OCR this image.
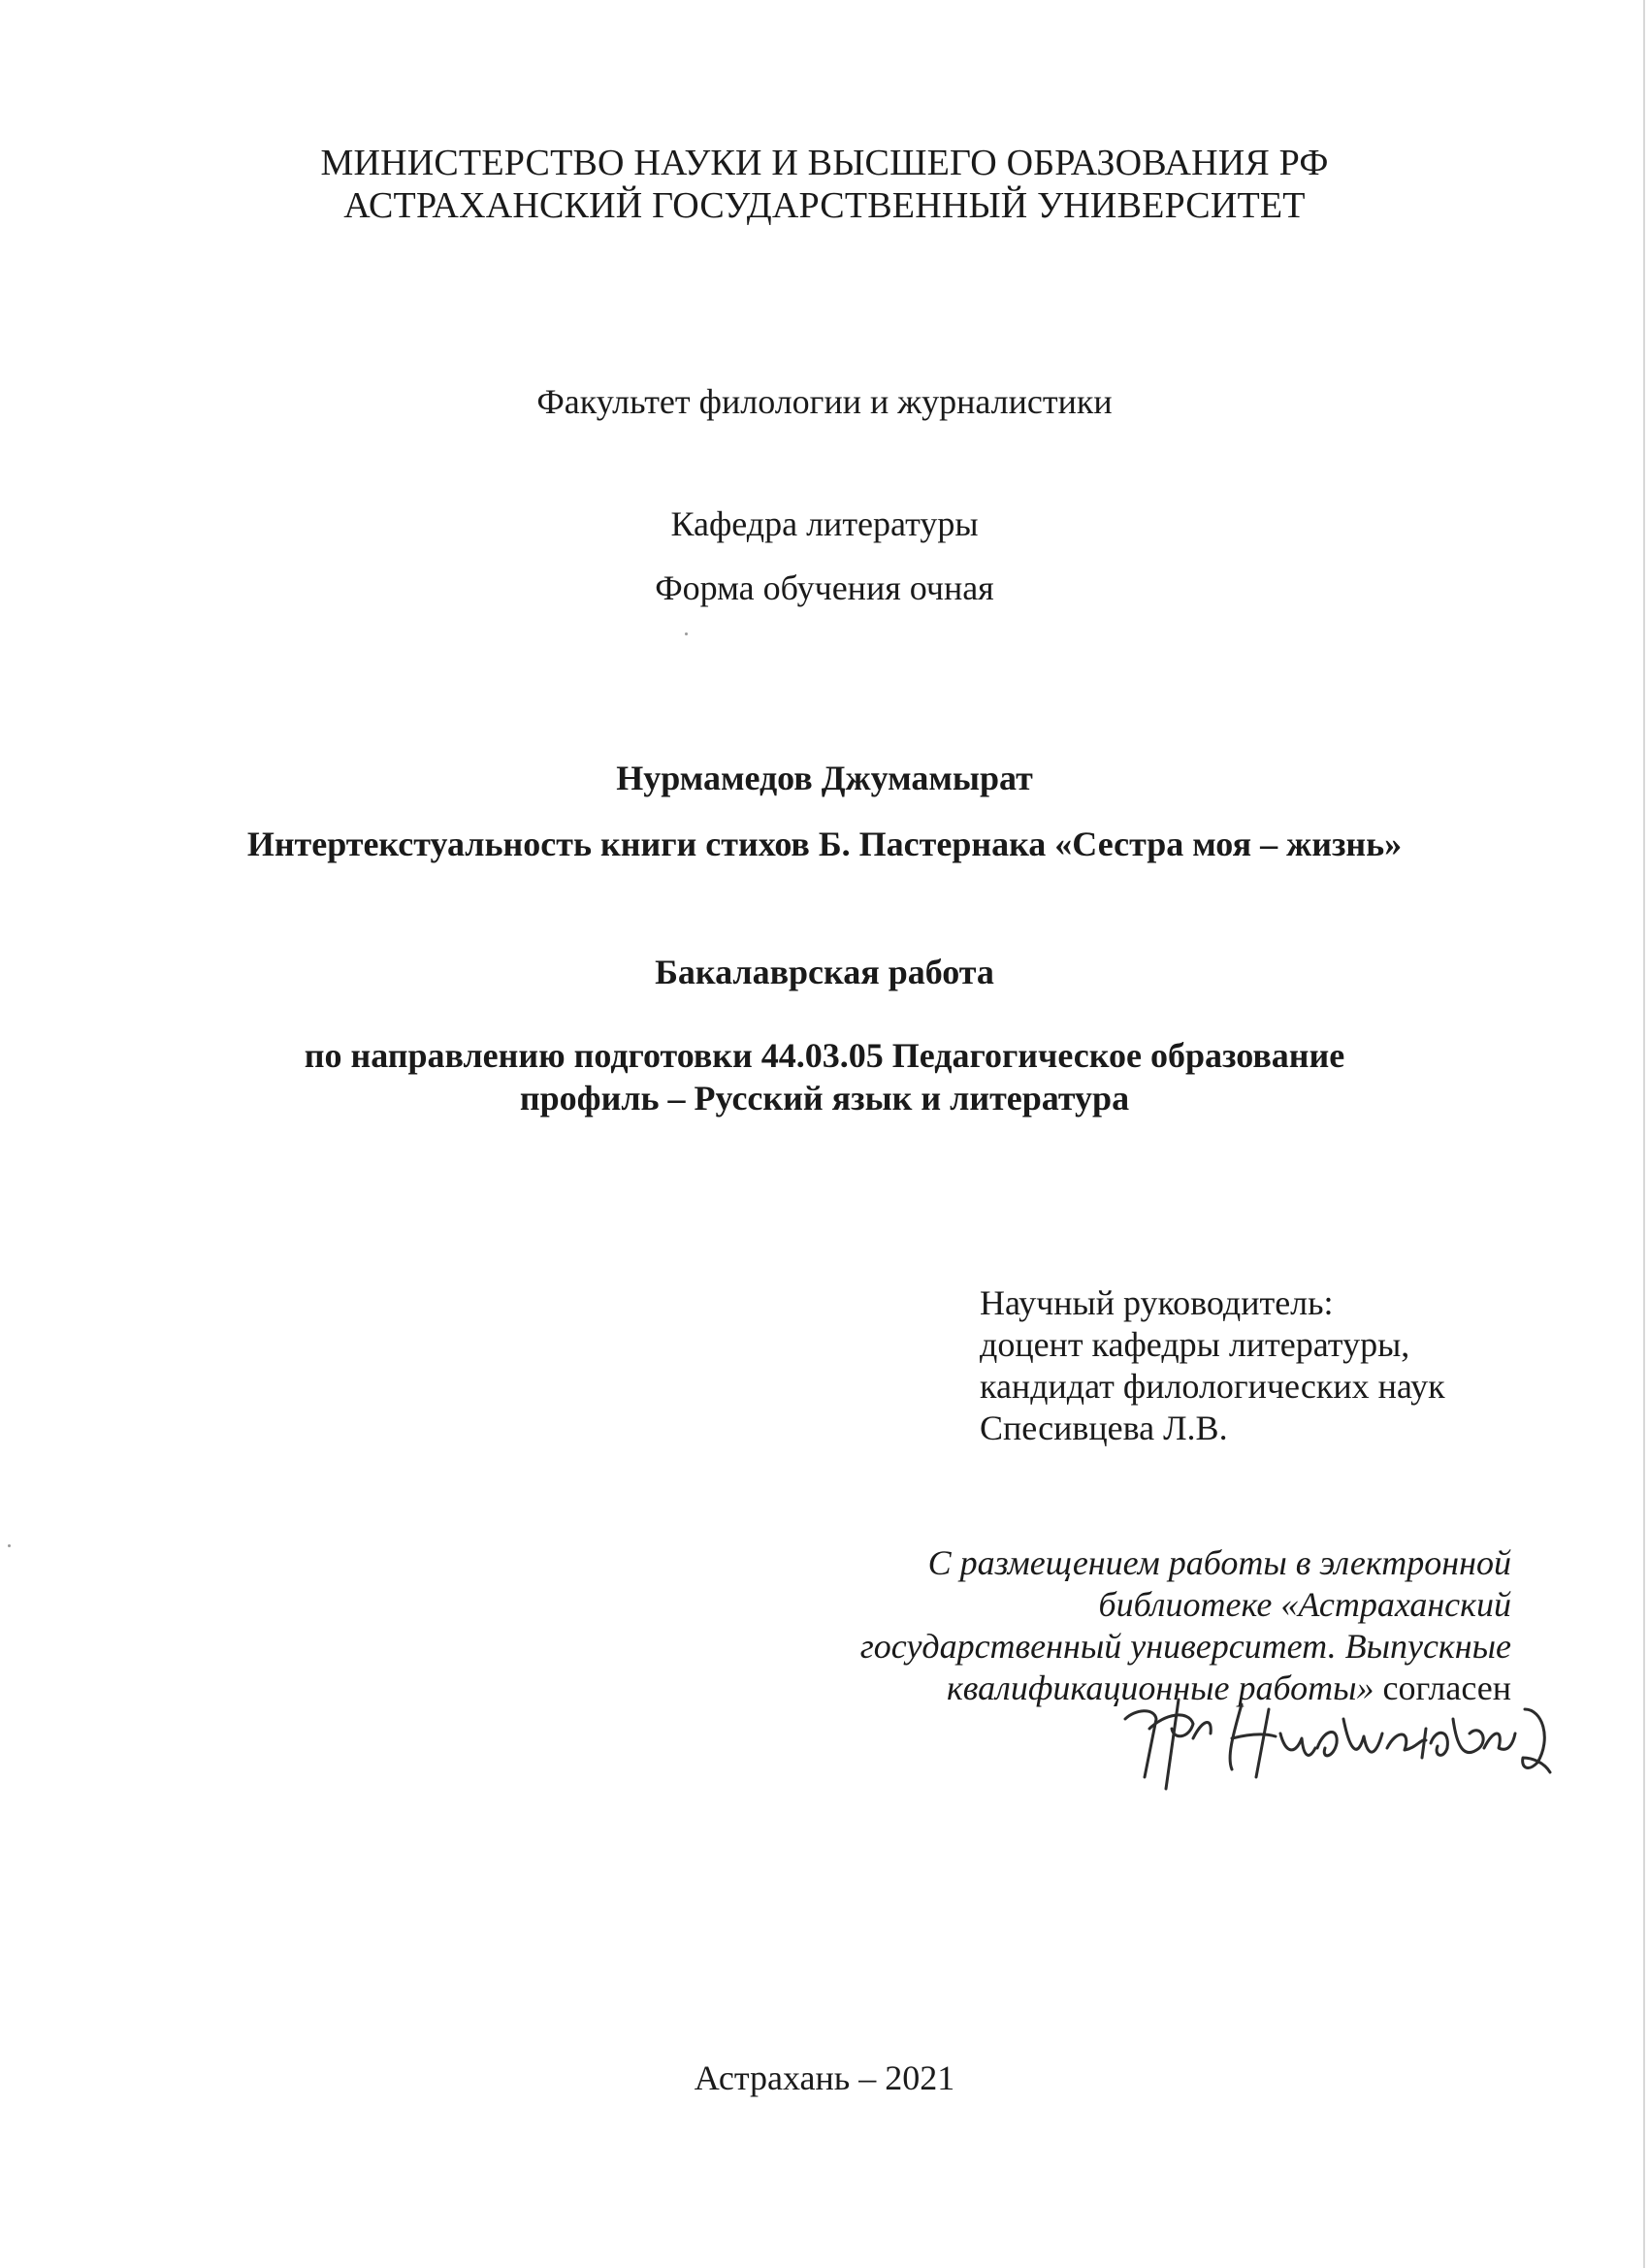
МИНИСТЕРСТВО НАУКИ И ВЫСШЕГО ОБРАЗОВАНИЯ РФ
АСТРАХАНСКИЙ ГОСУДАРСТВЕННЫЙ УНИВЕРСИТЕТ
Факультет филологии и журналистики
Кафедра литературы
Форма обучения очная
Нурмамедов Джумамырат
Интертекстуальность книги стихов Б. Пастернака «Сестра моя – жизнь»
Бакалаврская работа
по направлению подготовки 44.03.05 Педагогическое образование
профиль – Русский язык и литература
Научный руководитель:
доцент кафедры литературы,
кандидат филологических наук
Спесивцева Л.В.
С размещением работы в электронной
библиотеке «Астраханский
государственный университет. Выпускные
квалификационные работы» согласен
Астрахань – 2021
